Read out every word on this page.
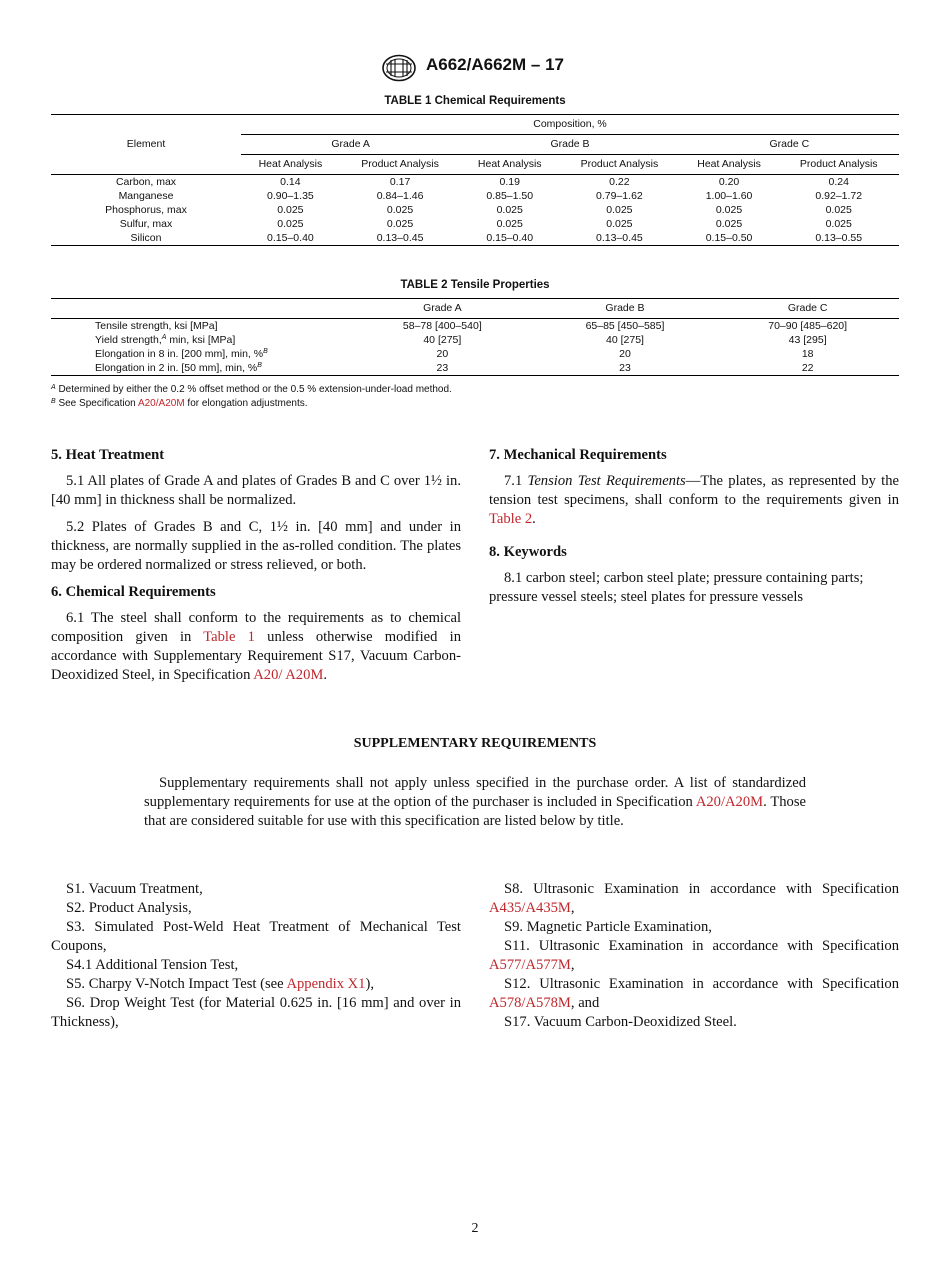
A662/A662M – 17
TABLE 1 Chemical Requirements
Element	Composition, %					
	Grade A		Grade B		Grade C	
	Heat Analysis	Product Analysis	Heat Analysis	Product Analysis	Heat Analysis	Product Analysis
Carbon, max	0.14	0.17	0.19	0.22	0.20	0.24
Manganese	0.90–1.35	0.84–1.46	0.85–1.50	0.79–1.62	1.00–1.60	0.92–1.72
Phosphorus, max	0.025	0.025	0.025	0.025	0.025	0.025
Sulfur, max	0.025	0.025	0.025	0.025	0.025	0.025
Silicon	0.15–0.40	0.13–0.45	0.15–0.40	0.13–0.45	0.15–0.50	0.13–0.55
TABLE 2 Tensile Properties
	Grade A	Grade B	Grade C
Tensile strength, ksi [MPa]	58–78 [400–540]	65–85 [450–585]	70–90 [485–620]
Yield strength,$^A$ min, ksi [MPa]	40 [275]	40 [275]	43 [295]
Elongation in 8 in. [200 mm], min, %$^B$	20	20	18
Elongation in 2 in. [50 mm], min, %$^B$	23	23	22
$^A$ Determined by either the 0.2 % offset method or the 0.5 % extension-under-load method.
$^B$ See Specification A20/A20M for elongation adjustments.
5. Heat Treatment

5.1 All plates of Grade A and plates of Grades B and C over 1½ in. [40 mm] in thickness shall be normalized.

5.2 Plates of Grades B and C, 1½ in. [40 mm] and under in thickness, are normally supplied in the as-rolled condition. The plates may be ordered normalized or stress relieved, or both.

6. Chemical Requirements

6.1 The steel shall conform to the requirements as to chemical composition given in Table 1 unless otherwise modified in accordance with Supplementary Requirement S17, Vacuum Carbon-Deoxidized Steel, in Specification A20/ A20M.

7. Mechanical Requirements

7.1 Tension Test Requirements—The plates, as represented by the tension test specimens, shall conform to the requirements given in Table 2.

8. Keywords

8.1 carbon steel; carbon steel plate; pressure containing parts; pressure vessel steels; steel plates for pressure vessels

SUPPLEMENTARY REQUIREMENTS
Supplementary requirements shall not apply unless specified in the purchase order. A list of standardized supplementary requirements for use at the option of the purchaser is included in Specification A20/A20M. Those that are considered suitable for use with this specification are listed below by title.
S1. Vacuum Treatment,
S2. Product Analysis,
S3. Simulated Post-Weld Heat Treatment of Mechanical Test Coupons,
S4.1 Additional Tension Test,
S5. Charpy V-Notch Impact Test (see Appendix X1),
S6. Drop Weight Test (for Material 0.625 in. [16 mm] and over in Thickness),
S8. Ultrasonic Examination in accordance with Specification A435/A435M,
S9. Magnetic Particle Examination,
S11. Ultrasonic Examination in accordance with Specification A577/A577M,
S12. Ultrasonic Examination in accordance with Specification A578/A578M, and
S17. Vacuum Carbon-Deoxidized Steel.
2
